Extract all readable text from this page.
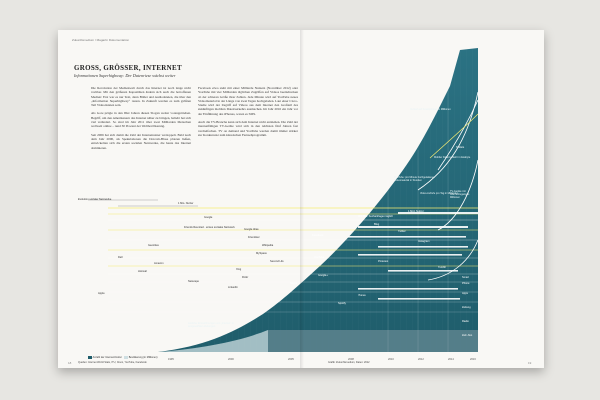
Zukunftsmedium / Magazin Dokumentation
GROSS, GRÖSSER, INTERNET
Informationen Superhighway: Der Datenriese wächst weiter

Die Revolution der Medienwelt durch das Internet ist noch lange nicht vorüber. Mit den größeren Kapazitäten ändern sich auch die betroffenen Medien: Erst war es nur Text, dann Bilder und Audiodateien, die über den „Information Superhighway“ rasten. In Zukunft werden es zum größten Teil Videodateien sein.

Als Gore prägte in den 90er Jahren diesen Slogan weiter vorangetrieben. Begriff, um den Amerikanern das Internet näher zu bringen, beliebt hat sich viel verändert. So sind im Jahr 2011 über zwei Milliarden Menschen weltweit online – rund 30 Prozent der Weltbevölkerung.

Seit 2006 hat sich damit die Zahl der Internetnutzer verdoppelt. Bald nach dem Jahr 2000, als Spekulationen die Dotcom-Blase platzen ließen, entwickelten sich die ersten sozialen Netzwerke, die heute das Internet dominieren.

Facebook etwa steht mit einer Milliarde Nutzern (November 2012) oder YouTube mit vier Milliarden täglichen Zugriffen auf Videos beeindrucken ob der schieren Größe ihrer Zahlen. Jede Minute wird auf YouTube neues Videomaterial in der Länge von zwei Tagen hochgeladen. Laut einer Cisco-Studie wird der Zugriff auf Videos aus dem Internet den Großteil des zukünftigen mobilen Datenverkehrs ausmachen. Im Jahr 2016 ein Jahr vor der Einführung des iPhones, waren es SMS.

Auch die TV-Branche kann sich dem Internet nicht entziehen. Die Zahl der internetfähigen TV-Geräte wird sich in den nächsten fünf Jahren fast verdreifachen. TV on demand und YouTube werden damit immer stärker zur Konkurrenz zum klassischen Fernsehprogramm.

Evolution sozialer Netzwerke
1 Mio. Nutzer
Google
Friends Reunited · erstes soziales Netzwerk
Geocities
Apple
Dell
Hotmail
Amazon
Google Alias
Friendster
MySpace
Wikipedia
Second Life
Xing
Flickr
Skype
LinkedIn
Netscape
400 Mio. Suchanfragen täglich
Blog
1 Mrd. Nutzer
Twitter
Facebook
Instagram
YouTube
Pinterest
Tumblr
Google+
iTunes
Spotify
Zeitung
Radio
Zeit: Abo
Verlauf auf Smartphones in Millionen
YouTube: pro Minute hochgeladenes Videomaterial in Stunden
Video-Aufrufe pro Tag in Milliarden
Mobiler Datenverkehr in Exabyte
TV-Geräte mit Internetzugang in Millionen
Tablets
Smart
Phone
Apps
zeitliche Einzeichnungen von „Internet“ in ausgewählten Zeitungen
Anzahl der Internet-Nutzer	Bevölkerung (in Millionen)
1995	2000	2005	2008	2010	2012	2014	2016
Quellen: Internet World Stats, ITU, Cisco, YouTube, Facebook	Grafik: Zukunftsmedium, Daten: 2012
18	19
